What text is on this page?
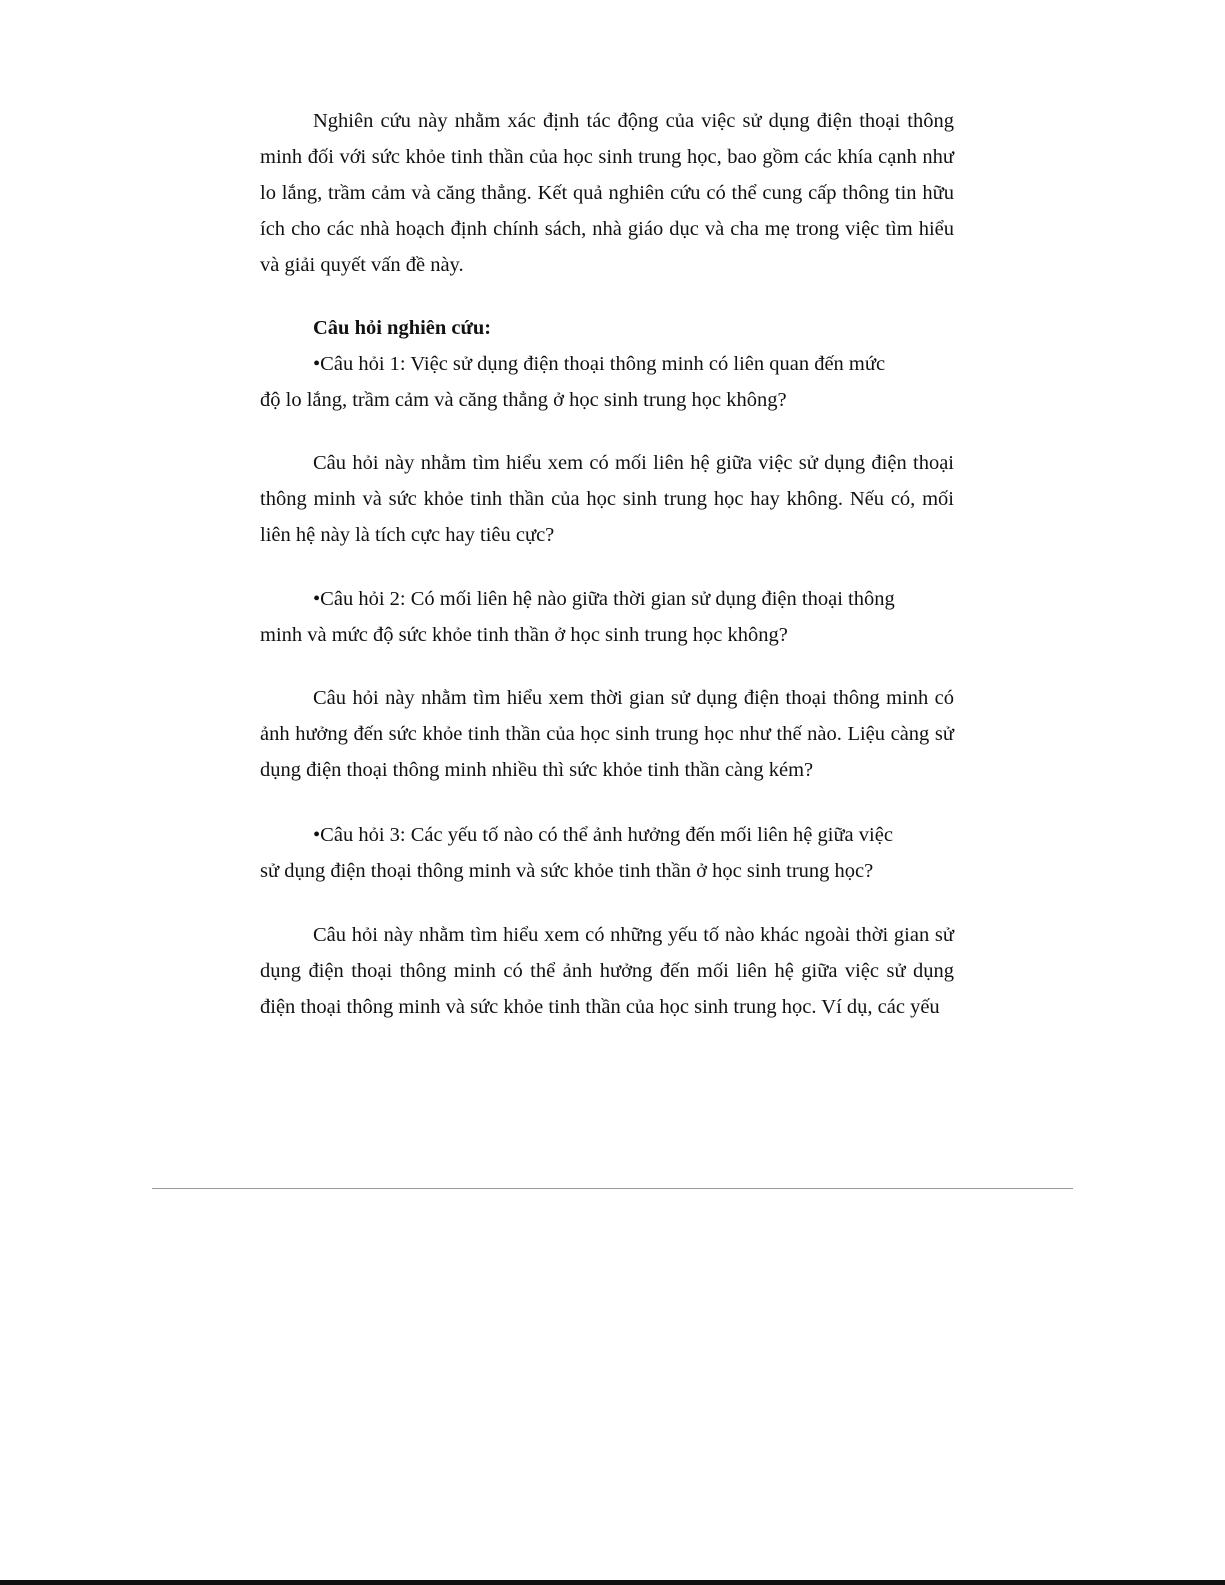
Nghiên cứu này nhằm xác định tác động của việc sử dụng điện thoại thông minh đối với sức khỏe tinh thần của học sinh trung học, bao gồm các khía cạnh như lo lắng, trầm cảm và căng thẳng. Kết quả nghiên cứu có thể cung cấp thông tin hữu ích cho các nhà hoạch định chính sách, nhà giáo dục và cha mẹ trong việc tìm hiểu và giải quyết vấn đề này.

Câu hỏi nghiên cứu:

•Câu hỏi 1: Việc sử dụng điện thoại thông minh có liên quan đến mức độ lo lắng, trầm cảm và căng thẳng ở học sinh trung học không?

Câu hỏi này nhằm tìm hiểu xem có mối liên hệ giữa việc sử dụng điện thoại thông minh và sức khỏe tinh thần của học sinh trung học hay không. Nếu có, mối liên hệ này là tích cực hay tiêu cực?

•Câu hỏi 2: Có mối liên hệ nào giữa thời gian sử dụng điện thoại thông minh và mức độ sức khỏe tinh thần ở học sinh trung học không?

Câu hỏi này nhằm tìm hiểu xem thời gian sử dụng điện thoại thông minh có ảnh hưởng đến sức khỏe tinh thần của học sinh trung học như thế nào. Liệu càng sử dụng điện thoại thông minh nhiều thì sức khỏe tinh thần càng kém?

•Câu hỏi 3: Các yếu tố nào có thể ảnh hưởng đến mối liên hệ giữa việc sử dụng điện thoại thông minh và sức khỏe tinh thần ở học sinh trung học?

Câu hỏi này nhằm tìm hiểu xem có những yếu tố nào khác ngoài thời gian sử dụng điện thoại thông minh có thể ảnh hưởng đến mối liên hệ giữa việc sử dụng điện thoại thông minh và sức khỏe tinh thần của học sinh trung học. Ví dụ, các yếu
